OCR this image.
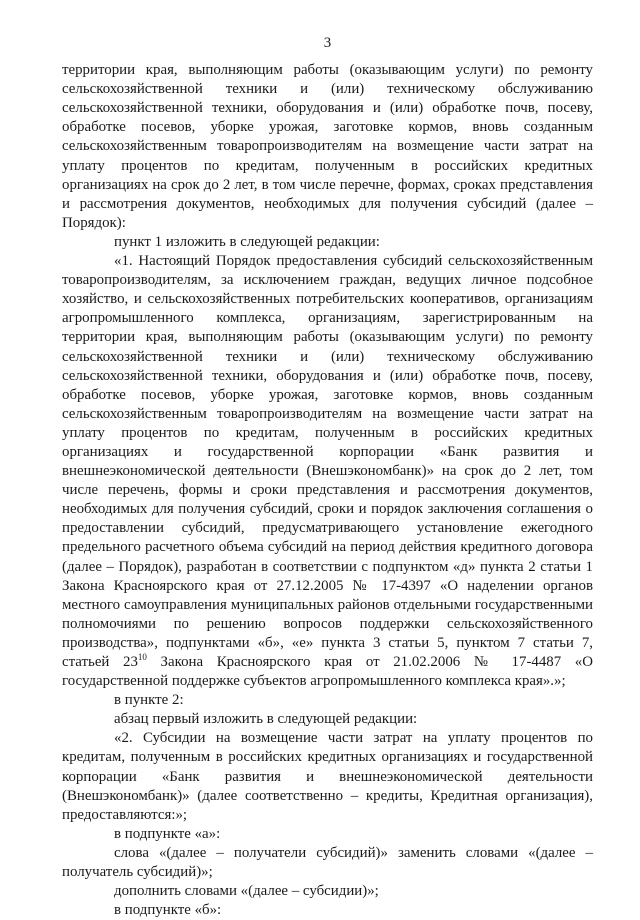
3

территории края, выполняющим работы (оказывающим услуги) по ремонту сельскохозяйственной техники и (или) техническому обслуживанию сельскохозяйственной техники, оборудования и (или) обработке почв, посеву, обработке посевов, уборке урожая, заготовке кормов, вновь созданным сельскохозяйственным товаропроизводителям на возмещение части затрат на уплату процентов по кредитам, полученным в российских кредитных организациях на срок до 2 лет, в том числе перечне, формах, сроках представления и рассмотрения документов, необходимых для получения субсидий (далее – Порядок):

пункт 1 изложить в следующей редакции:

«1. Настоящий Порядок предоставления субсидий сельскохозяйственным товаропроизводителям, за исключением граждан, ведущих личное подсобное хозяйство, и сельскохозяйственных потребительских кооперативов, организациям агропромышленного комплекса, организациям, зарегистрированным на территории края, выполняющим работы (оказывающим услуги) по ремонту сельскохозяйственной техники и (или) техническому обслуживанию сельскохозяйственной техники, оборудования и (или) обработке почв, посеву, обработке посевов, уборке урожая, заготовке кормов, вновь созданным сельскохозяйственным товаропроизводителям на возмещение части затрат на уплату процентов по кредитам, полученным в российских кредитных организациях и государственной корпорации «Банк развития и внешнеэкономической деятельности (Внешэкономбанк)» на срок до 2 лет, том числе перечень, формы и сроки представления и рассмотрения документов, необходимых для получения субсидий, сроки и порядок заключения соглашения о предоставлении субсидий, предусматривающего установление ежегодного предельного расчетного объема субсидий на период действия кредитного договора (далее – Порядок), разработан в соответствии с подпунктом «д» пункта 2 статьи 1 Закона Красноярского края от 27.12.2005 № 17-4397 «О наделении органов местного самоуправления муниципальных районов отдельными государственными полномочиями по решению вопросов поддержки сельскохозяйственного производства», подпунктами «б», «е» пункта 3 статьи 5, пунктом 7 статьи 7, статьей $23^{10}$ Закона Красноярского края от 21.02.2006 № 17-4487 «О государственной поддержке субъектов агропромышленного комплекса края».»;

в пункте 2:

абзац первый изложить в следующей редакции:

«2. Субсидии на возмещение части затрат на уплату процентов по кредитам, полученным в российских кредитных организациях и государственной корпорации «Банк развития и внешнеэкономической деятельности (Внешэкономбанк)» (далее соответственно – кредиты, Кредитная организация), предоставляются:»;

в подпункте «а»:

слова «(далее – получатели субсидий)» заменить словами «(далее – получатель субсидий)»;

дополнить словами «(далее – субсидии)»;

в подпункте «б»:
